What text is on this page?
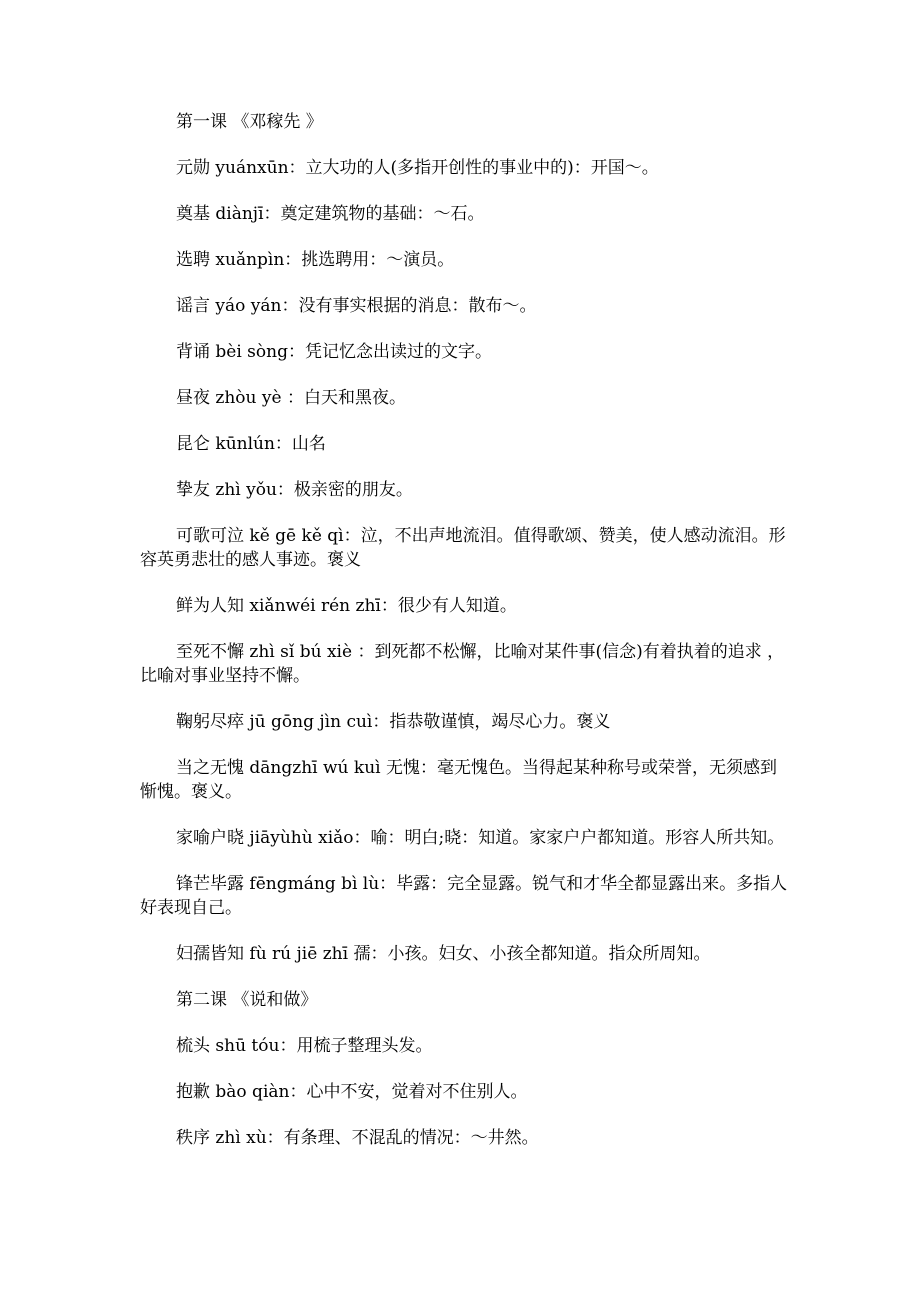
第一课 《邓稼先 》

元勋 yuánxūn：立大功的人(多指开创性的事业中的)：开国～。

奠基 diànjī：奠定建筑物的基础：～石。

选聘 xuǎnpìn：挑选聘用：～演员。

谣言 yáo yán：没有事实根据的消息：散布～。

背诵 bèi sòng：凭记忆念出读过的文字。

昼夜 zhòu yè ：白天和黑夜。

昆仑 kūnlún：山名

挚友 zhì yǒu：极亲密的朋友。

可歌可泣 kě gē kě qì：泣，不出声地流泪。值得歌颂、赞美，使人感动流泪。形容英勇悲壮的感人事迹。褒义

鲜为人知 xiǎnwéi rén zhī：很少有人知道。

至死不懈 zhì sǐ bú xiè ：到死都不松懈，比喻对某件事(信念)有着执着的追求 ，比喻对事业坚持不懈。

鞠躬尽瘁 jū gōng jìn cuì：指恭敬谨慎，竭尽心力。褒义

当之无愧 dāngzhī wú kuì 无愧：毫无愧色。当得起某种称号或荣誉，无须感到惭愧。褒义。

家喻户晓 jiāyùhù xiǎo：喻：明白;晓：知道。家家户户都知道。形容人所共知。

锋芒毕露 fēngmáng bì lù：毕露：完全显露。锐气和才华全都显露出来。多指人好表现自己。

妇孺皆知 fù rú jiē zhī 孺：小孩。妇女、小孩全都知道。指众所周知。

第二课 《说和做》

梳头 shū tóu：用梳子整理头发。

抱歉 bào qiàn：心中不安，觉着对不住别人。

秩序 zhì xù：有条理、不混乱的情况：～井然。
